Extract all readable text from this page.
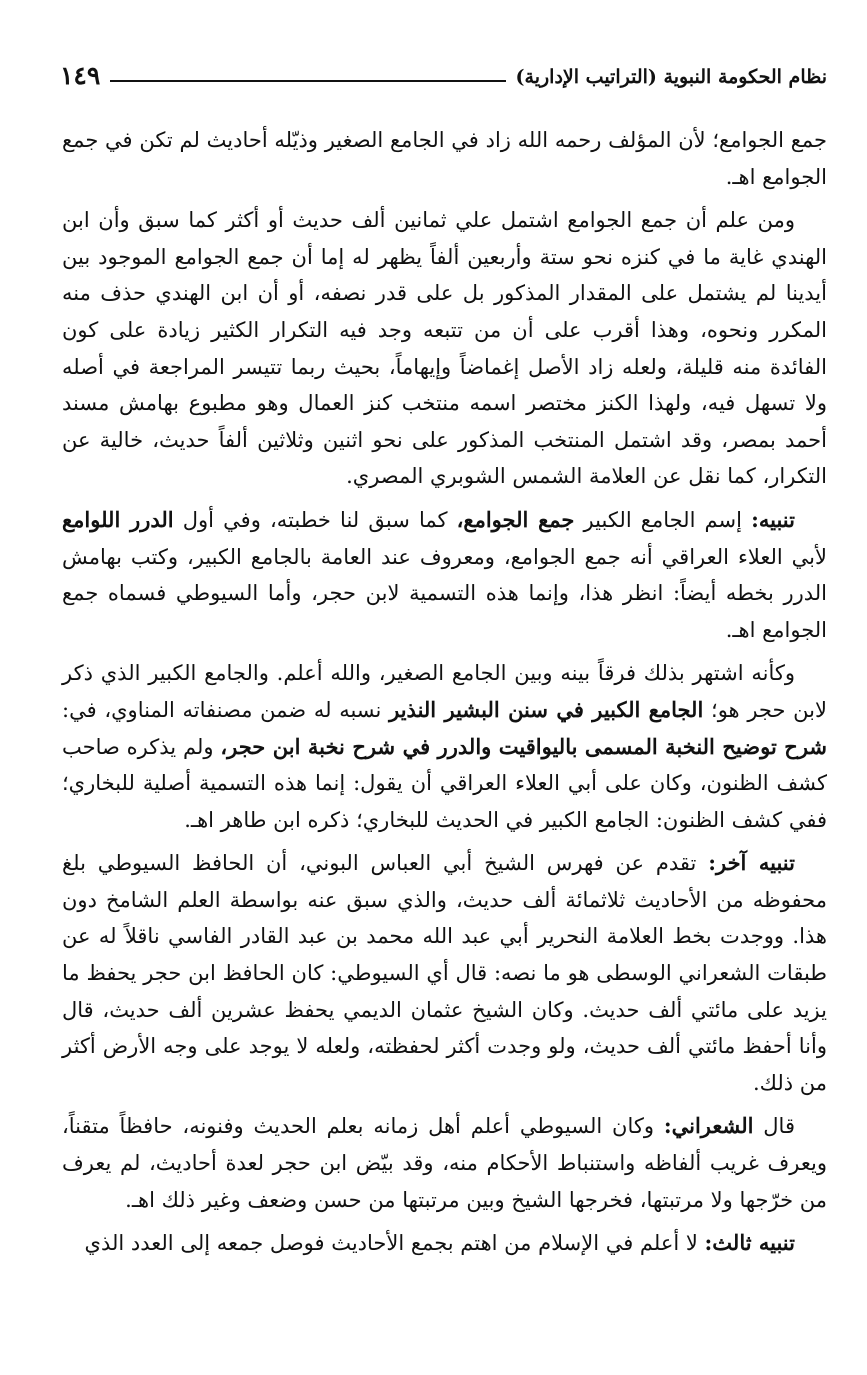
نظام الحكومة النبوية (التراتيب الإدارية)
١٤٩

جمع الجوامع؛ لأن المؤلف رحمه الله زاد في الجامع الصغير وذيّله أحاديث لم تكن في جمع الجوامع اهـ.

ومن علم أن جمع الجوامع اشتمل علي ثمانين ألف حديث أو أكثر كما سبق وأن ابن الهندي غاية ما في كنزه نحو ستة وأربعين ألفاً يظهر له إما أن جمع الجوامع الموجود بين أيدينا لم يشتمل على المقدار المذكور بل على قدر نصفه، أو أن ابن الهندي حذف منه المكرر ونحوه، وهذا أقرب على أن من تتبعه وجد فيه التكرار الكثير زيادة على كون الفائدة منه قليلة، ولعله زاد الأصل إغماضاً وإيهاماً، بحيث ربما تتيسر المراجعة في أصله ولا تسهل فيه، ولهذا الكنز مختصر اسمه منتخب كنز العمال وهو مطبوع بهامش مسند أحمد بمصر، وقد اشتمل المنتخب المذكور على نحو اثنين وثلاثين ألفاً حديث، خالية عن التكرار، كما نقل عن العلامة الشمس الشوبري المصري.

تنبيه: إسم الجامع الكبير جمع الجوامع، كما سبق لنا خطبته، وفي أول الدرر اللوامع لأبي العلاء العراقي أنه جمع الجوامع، ومعروف عند العامة بالجامع الكبير، وكتب بهامش الدرر بخطه أيضاً: انظر هذا، وإنما هذه التسمية لابن حجر، وأما السيوطي فسماه جمع الجوامع اهـ.

وكأنه اشتهر بذلك فرقاً بينه وبين الجامع الصغير، والله أعلم. والجامع الكبير الذي ذكر لابن حجر هو؛ الجامع الكبير في سنن البشير النذير نسبه له ضمن مصنفاته المناوي، في: شرح توضيح النخبة المسمى باليواقيت والدرر في شرح نخبة ابن حجر، ولم يذكره صاحب كشف الظنون، وكان على أبي العلاء العراقي أن يقول: إنما هذه التسمية أصلية للبخاري؛ ففي كشف الظنون: الجامع الكبير في الحديث للبخاري؛ ذكره ابن طاهر اهـ.

تنبيه آخر: تقدم عن فهرس الشيخ أبي العباس البوني، أن الحافظ السيوطي بلغ محفوظه من الأحاديث ثلاثمائة ألف حديث، والذي سبق عنه بواسطة العلم الشامخ دون هذا. ووجدت بخط العلامة النحرير أبي عبد الله محمد بن عبد القادر الفاسي ناقلاً له عن طبقات الشعراني الوسطى هو ما نصه: قال أي السيوطي: كان الحافظ ابن حجر يحفظ ما يزيد على مائتي ألف حديث. وكان الشيخ عثمان الديمي يحفظ عشرين ألف حديث، قال وأنا أحفظ مائتي ألف حديث، ولو وجدت أكثر لحفظته، ولعله لا يوجد على وجه الأرض أكثر من ذلك.

قال الشعراني: وكان السيوطي أعلم أهل زمانه بعلم الحديث وفنونه، حافظاً متقناً، ويعرف غريب ألفاظه واستنباط الأحكام منه، وقد بيّض ابن حجر لعدة أحاديث، لم يعرف من خرّجها ولا مرتبتها، فخرجها الشيخ وبين مرتبتها من حسن وضعف وغير ذلك اهـ.

تنبيه ثالث: لا أعلم في الإسلام من اهتم بجمع الأحاديث فوصل جمعه إلى العدد الذي
